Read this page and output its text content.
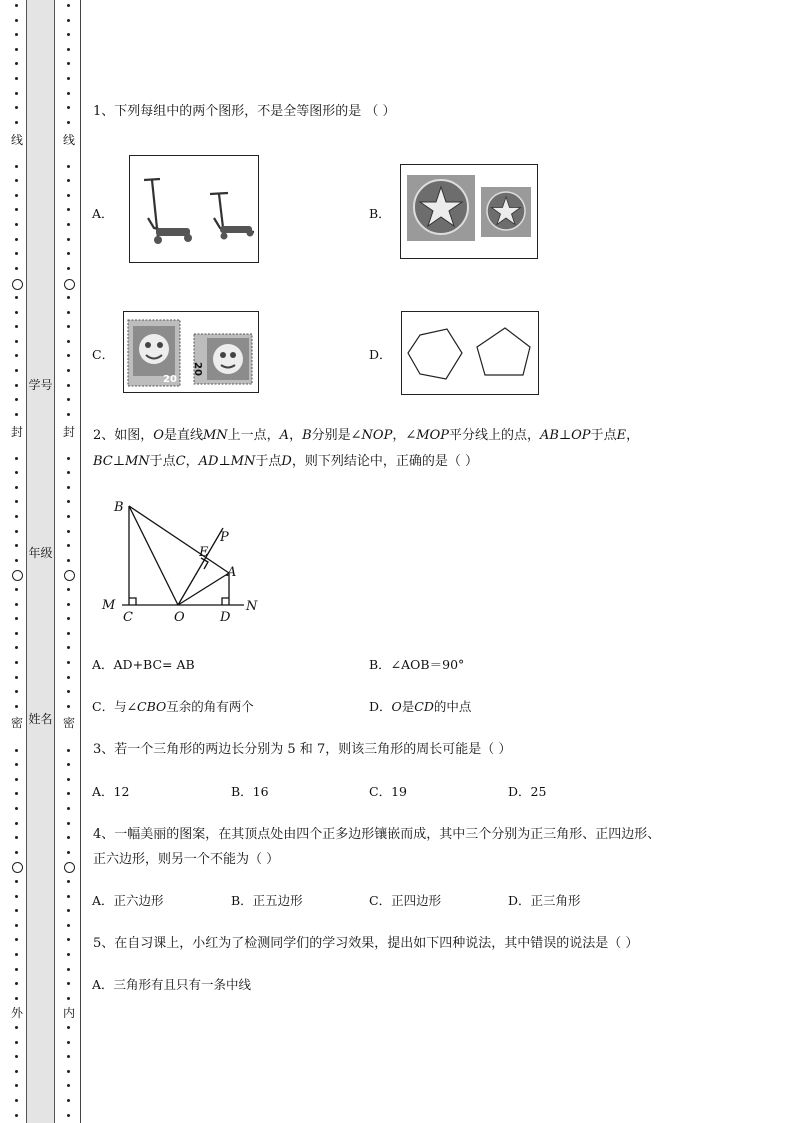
线
封
密
外
学号
年级
姓名
线
封
密
内
1、下列每组中的两个图形，不是全等图形的是 （ ）
A．	B．
C．
20
20
D．
2、如图，O是直线MN上一点，A，B分别是∠NOP，∠MOP平分线上的点，AB⊥OP于点E，
BC⊥MN于点C，AD⊥MN于点D，则下列结论中，正确的是（ ）
B
P
E
A
M	N
C	O	D
A．AD+BC= AB	B．∠AOB＝90°
C．与∠CBO互余的角有两个	D．O是CD的中点
3、若一个三角形的两边长分别为 5 和 7，则该三角形的周长可能是（ ）
A．12	B．16	C．19	D．25
4、一幅美丽的图案，在其顶点处由四个正多边形镶嵌而成，其中三个分别为正三角形、正四边形、
正六边形，则另一个不能为（ ）
A．正六边形	B．正五边形	C．正四边形	D．正三角形
5、在自习课上，小红为了检测同学们的学习效果，提出如下四种说法，其中错误的说法是（ ）
A．三角形有且只有一条中线
